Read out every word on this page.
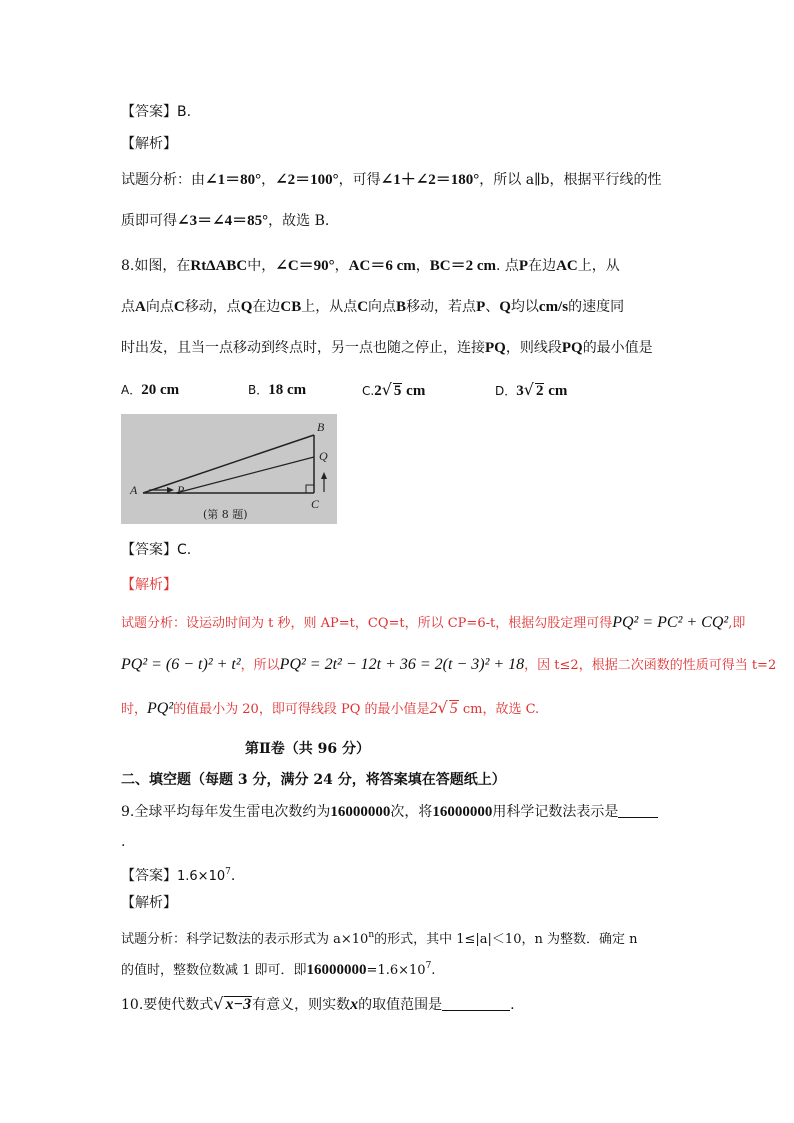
【答案】B.
【解析】
试题分析：由∠1＝80°，∠2＝100°，可得∠1＋∠2＝180°，所以 a∥b，根据平行线的性
质即可得∠3＝∠4＝85°，故选 B.
8.如图，在RtΔABC中，∠C＝90°，AC＝6 cm，BC＝2 cm. 点P在边AC上，从
点A向点C移动，点Q在边CB上，从点C向点B移动，若点P、Q均以cm/s的速度同
时出发，且当一点移动到终点时，另一点也随之停止，连接PQ，则线段PQ的最小值是
A．20 cm	B．18 cm	C.2√ 5 cm	D．3√ 2 cm
A
B
C
P
Q
(第 8 题)
【答案】C.
【解析】
试题分析：设运动时间为 t 秒，则 AP=t，CQ=t，所以 CP=6-t，根据勾股定理可得PQ² = PC² + CQ²,即
PQ² = (6 − t)² + t²，所以PQ² = 2t² − 12t + 36 = 2(t − 3)² + 18，因 t≤2，根据二次函数的性质可得当 t=2
时，PQ²的值最小为 20，即可得线段 PQ 的最小值是2√ 5 cm，故选 C.
第Ⅱ卷（共 96 分）
二、填空题（每题 3 分，满分 24 分，将答案填在答题纸上）
9.全球平均每年发生雷电次数约为16000000次，将16000000用科学记数法表示是
.
【答案】$1.6\times 10^7$.
【解析】
试题分析：科学记数法的表示形式为 $a\times 10^n$的形式，其中 1≤|a|＜10，n 为整数．确定 n
的值时，整数位数减 1 即可．即$16000000=1.6\times 10^7$.
10.要使代数式√ x−3有意义，则实数x的取值范围是	.
